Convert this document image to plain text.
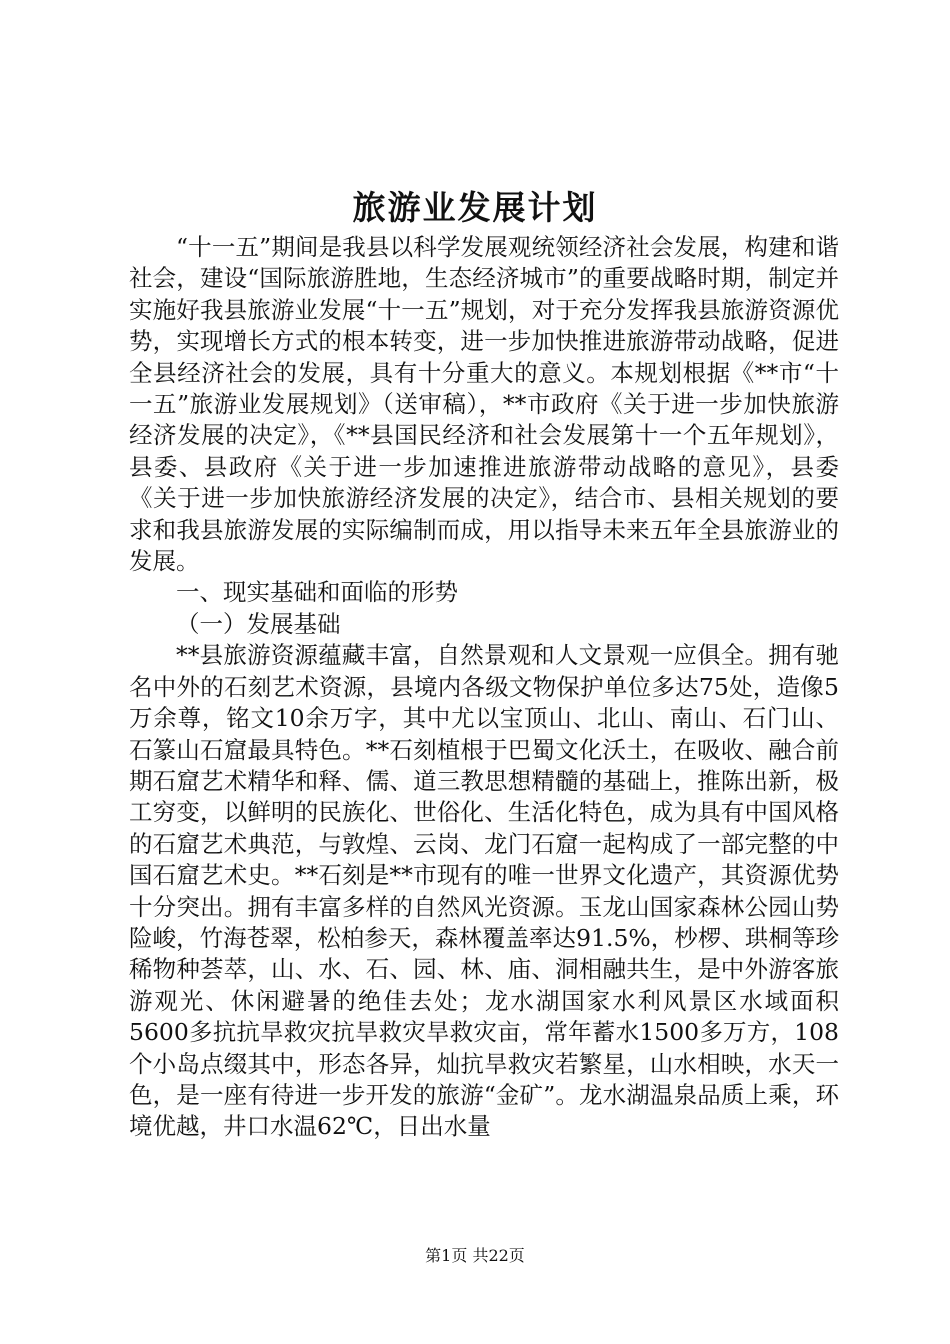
旅游业发展计划

“十一五”期间是我县以科学发展观统领经济社会发展，构建和谐社会，建设“国际旅游胜地，生态经济城市”的重要战略时期，制定并实施好我县旅游业发展“十一五”规划，对于充分发挥我县旅游资源优势，实现增长方式的根本转变，进一步加快推进旅游带动战略，促进全县经济社会的发展，具有十分重大的意义。本规划根据《**市“十一五”旅游业发展规划》（送审稿），**市政府《关于进一步加快旅游经济发展的决定》，《**县国民经济和社会发展第十一个五年规划》，县委、县政府《关于进一步加速推进旅游带动战略的意见》，县委《关于进一步加快旅游经济发展的决定》，结合市、县相关规划的要求和我县旅游发展的实际编制而成，用以指导未来五年全县旅游业的发展。

一、现实基础和面临的形势

（一）发展基础

**县旅游资源蕴藏丰富，自然景观和人文景观一应俱全。拥有驰名中外的石刻艺术资源，县境内各级文物保护单位多达75处，造像5万余尊，铭文10余万字，其中尤以宝顶山、北山、南山、石门山、石篆山石窟最具特色。**石刻植根于巴蜀文化沃土，在吸收、融合前期石窟艺术精华和释、儒、道三教思想精髓的基础上，推陈出新，极工穷变，以鲜明的民族化、世俗化、生活化特色，成为具有中国风格的石窟艺术典范，与敦煌、云岗、龙门石窟一起构成了一部完整的中国石窟艺术史。**石刻是**市现有的唯一世界文化遗产，其资源优势十分突出。拥有丰富多样的自然风光资源。玉龙山国家森林公园山势险峻，竹海苍翠，松柏参天，森林覆盖率达91.5%，杪椤、珙桐等珍稀物种荟萃，山、水、石、园、林、庙、洞相融共生，是中外游客旅游观光、休闲避暑的绝佳去处；龙水湖国家水利风景区水域面积5600多抗抗旱救灾抗旱救灾旱救灾亩，常年蓄水1500多万方，108个小岛点缀其中，形态各异，灿抗旱救灾若繁星，山水相映，水天一色，是一座有待进一步开发的旅游“金矿”。龙水湖温泉品质上乘，环境优越，井口水温62℃，日出水量

第1页 共22页
